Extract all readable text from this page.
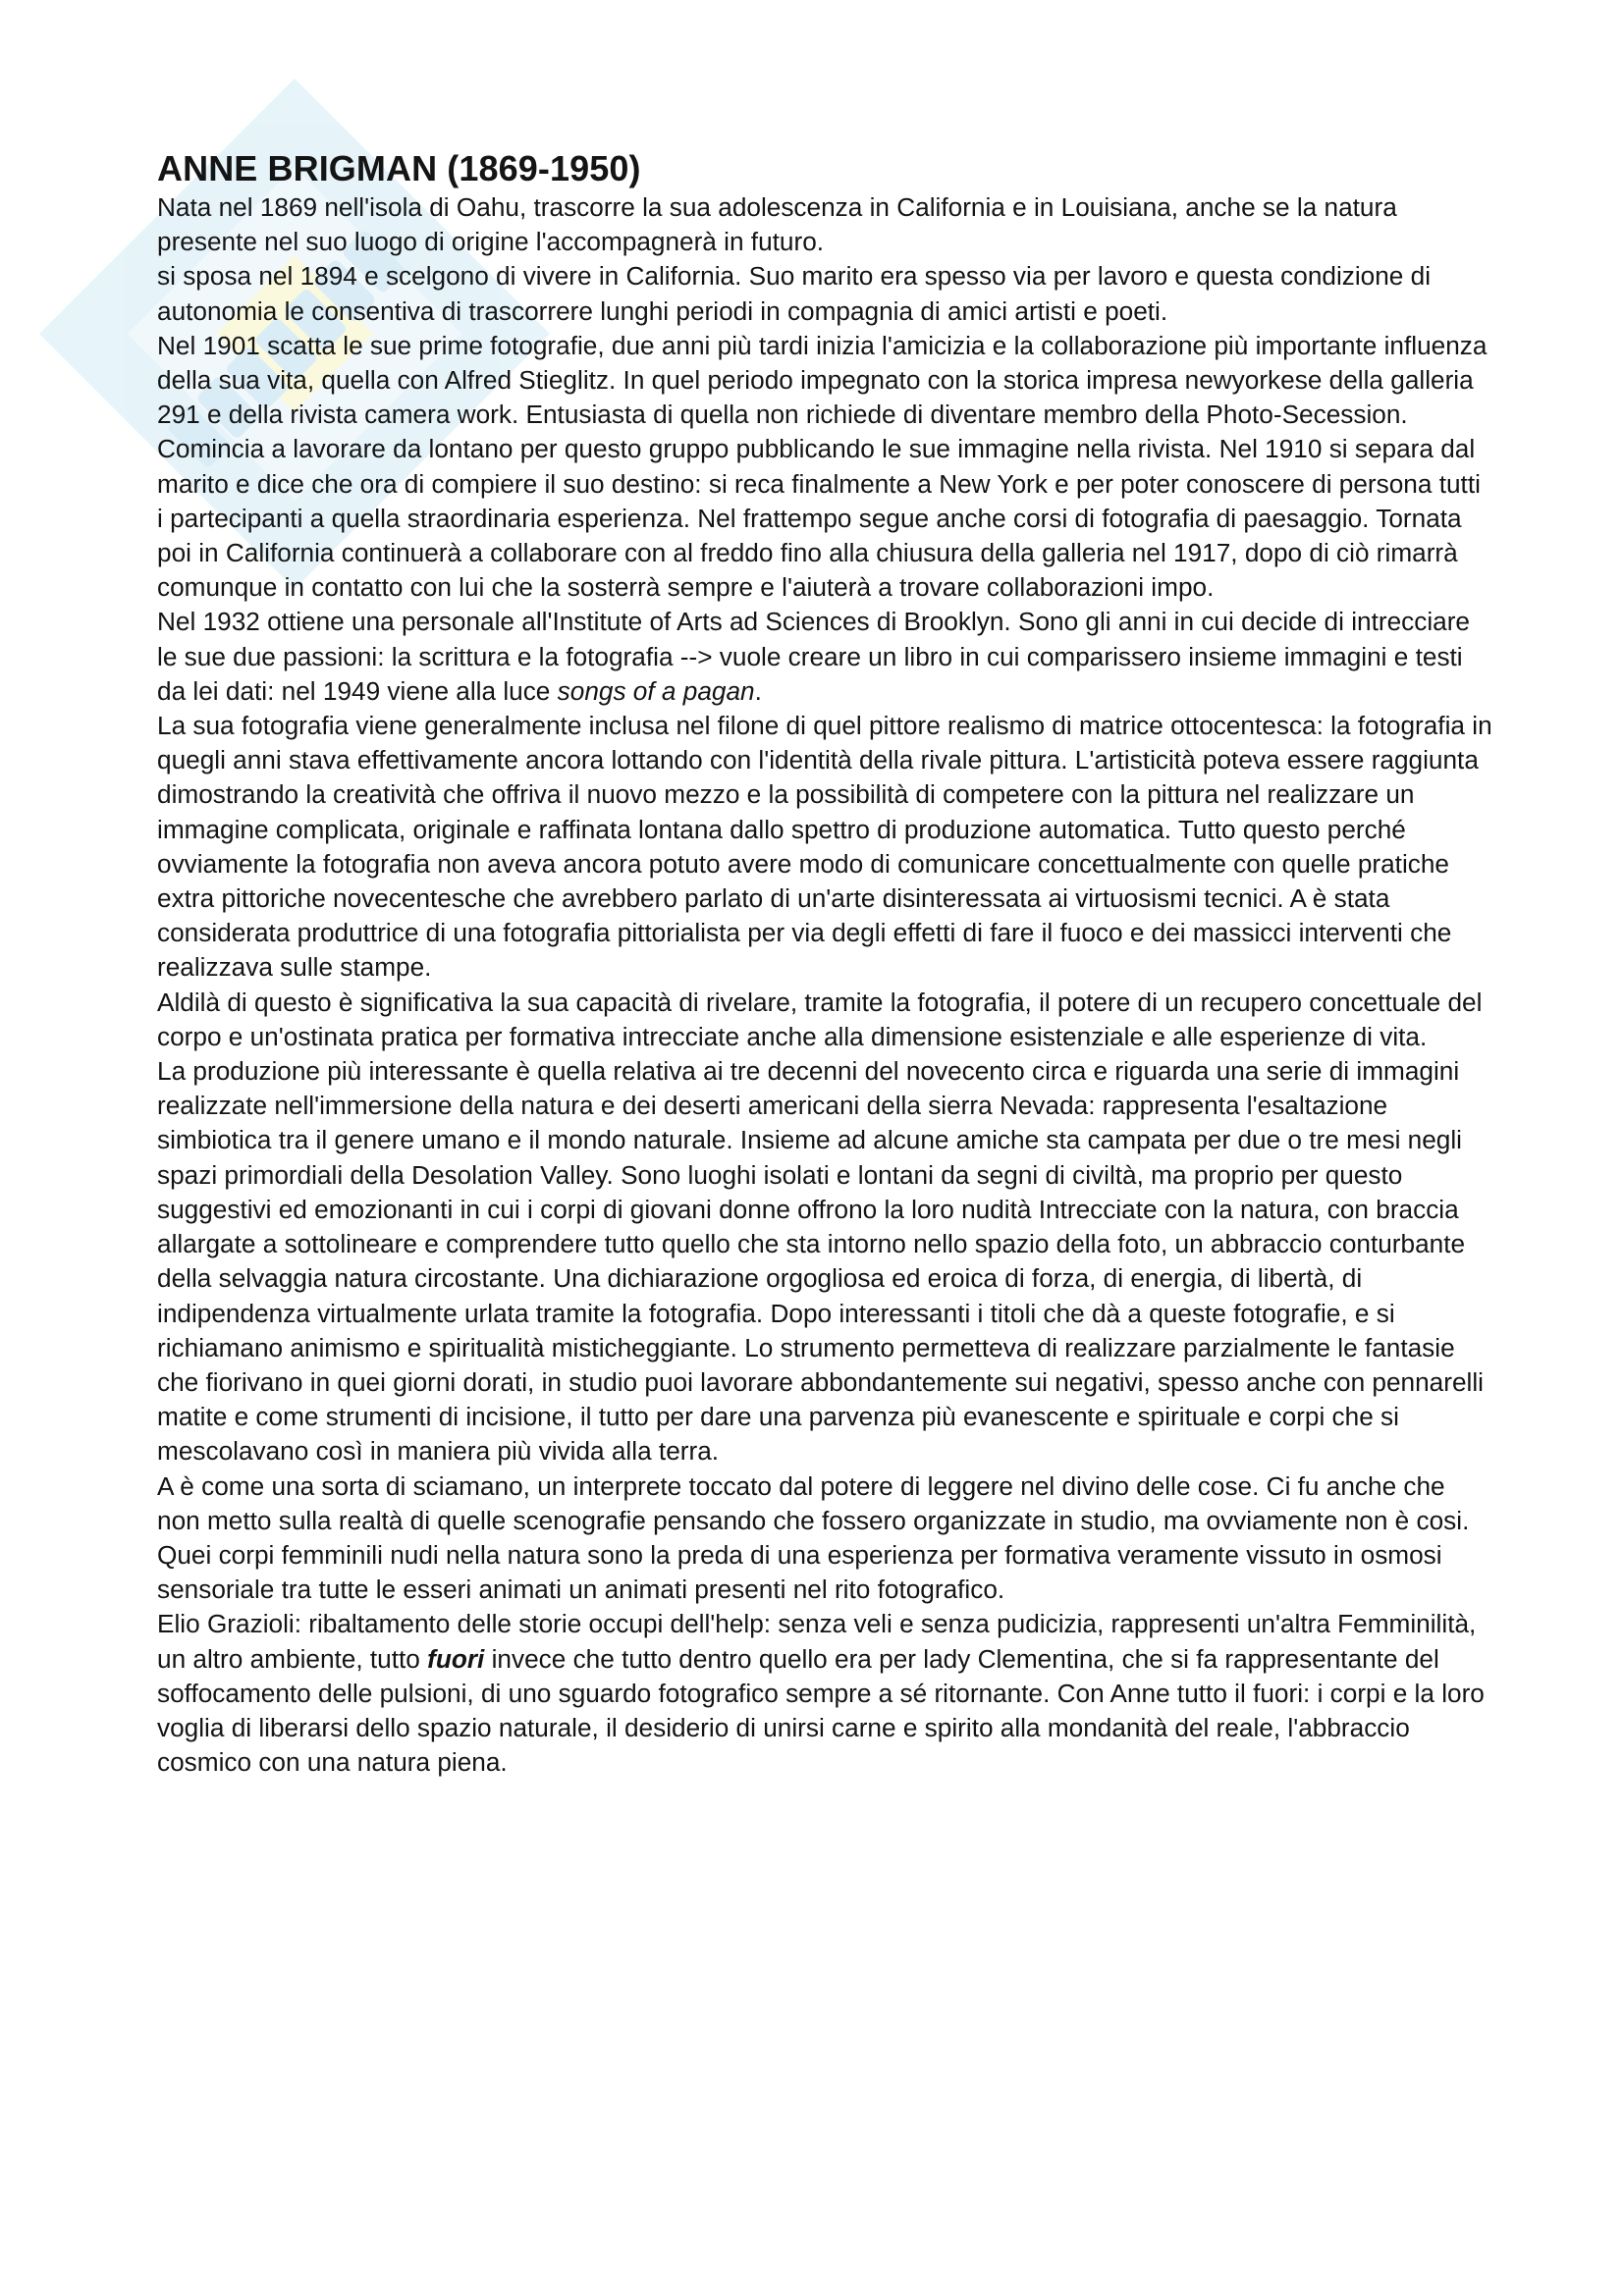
ANNE BRIGMAN (1869-1950)

Nata nel 1869 nell'isola di Oahu, trascorre la sua adolescenza in California e in Louisiana, anche se la natura presente nel suo luogo di origine l'accompagnerà in futuro.

si sposa nel 1894 e scelgono di vivere in California. Suo marito era spesso via per lavoro e questa condizione di autonomia le consentiva di trascorrere lunghi periodi in compagnia di amici artisti e poeti.

Nel 1901 scatta le sue prime fotografie, due anni più tardi inizia l'amicizia e la collaborazione più importante influenza della sua vita, quella con Alfred Stieglitz. In quel periodo impegnato con la storica impresa newyorkese della galleria 291 e della rivista camera work. Entusiasta di quella non richiede di diventare membro della Photo-Secession. Comincia a lavorare da lontano per questo gruppo pubblicando le sue immagine nella rivista. Nel 1910 si separa dal marito e dice che ora di compiere il suo destino: si reca finalmente a New York e per poter conoscere di persona tutti i partecipanti a quella straordinaria esperienza. Nel frattempo segue anche corsi di fotografia di paesaggio. Tornata poi in California continuerà a collaborare con al freddo fino alla chiusura della galleria nel 1917, dopo di ciò rimarrà comunque in contatto con lui che la sosterrà sempre e l'aiuterà a trovare collaborazioni impo.

Nel 1932 ottiene una personale all'Institute of Arts ad Sciences di Brooklyn. Sono gli anni in cui decide di intrecciare le sue due passioni: la scrittura e la fotografia --> vuole creare un libro in cui comparissero insieme immagini e testi da lei dati: nel 1949 viene alla luce songs of a pagan.

La sua fotografia viene generalmente inclusa nel filone di quel pittore realismo di matrice ottocentesca: la fotografia in quegli anni stava effettivamente ancora lottando con l'identità della rivale pittura. L'artisticità poteva essere raggiunta dimostrando la creatività che offriva il nuovo mezzo e la possibilità di competere con la pittura nel realizzare un immagine complicata, originale e raffinata lontana dallo spettro di produzione automatica. Tutto questo perché ovviamente la fotografia non aveva ancora potuto avere modo di comunicare concettualmente con quelle pratiche extra pittoriche novecentesche che avrebbero parlato di un'arte disinteressata ai virtuosismi tecnici. A è stata considerata produttrice di una fotografia pittorialista per via degli effetti di fare il fuoco e dei massicci interventi che realizzava sulle stampe.

Aldilà di questo è significativa la sua capacità di rivelare, tramite la fotografia, il potere di un recupero concettuale del corpo e un'ostinata pratica per formativa intrecciate anche alla dimensione esistenziale e alle esperienze di vita.

La produzione più interessante è quella relativa ai tre decenni del novecento circa e riguarda una serie di immagini realizzate nell'immersione della natura e dei deserti americani della sierra Nevada: rappresenta l'esaltazione simbiotica tra il genere umano e il mondo naturale. Insieme ad alcune amiche sta campata per due o tre mesi negli spazi primordiali della Desolation Valley. Sono luoghi isolati e lontani da segni di civiltà, ma proprio per questo suggestivi ed emozionanti in cui i corpi di giovani donne offrono la loro nudità Intrecciate con la natura, con braccia allargate a sottolineare e comprendere tutto quello che sta intorno nello spazio della foto, un abbraccio conturbante della selvaggia natura circostante. Una dichiarazione orgogliosa ed eroica di forza, di energia, di libertà, di indipendenza virtualmente urlata tramite la fotografia. Dopo interessanti i titoli che dà a queste fotografie, e si richiamano animismo e spiritualità misticheggiante. Lo strumento permetteva di realizzare parzialmente le fantasie che fiorivano in quei giorni dorati, in studio puoi lavorare abbondantemente sui negativi, spesso anche con pennarelli matite e come strumenti di incisione, il tutto per dare una parvenza più evanescente e spirituale e corpi che si mescolavano così in maniera più vivida alla terra.

A è come una sorta di sciamano, un interprete toccato dal potere di leggere nel divino delle cose. Ci fu anche che non metto sulla realtà di quelle scenografie pensando che fossero organizzate in studio, ma ovviamente non è cosi.

Quei corpi femminili nudi nella natura sono la preda di una esperienza per formativa veramente vissuto in osmosi sensoriale tra tutte le esseri animati un animati presenti nel rito fotografico.

Elio Grazioli: ribaltamento delle storie occupi dell'help: senza veli e senza pudicizia, rappresenti un'altra Femminilità, un altro ambiente, tutto fuori invece che tutto dentro quello era per lady Clementina, che si fa rappresentante del soffocamento delle pulsioni, di uno sguardo fotografico sempre a sé ritornante. Con Anne tutto il fuori: i corpi e la loro voglia di liberarsi dello spazio naturale, il desiderio di unirsi carne e spirito alla mondanità del reale, l'abbraccio cosmico con una natura piena.
